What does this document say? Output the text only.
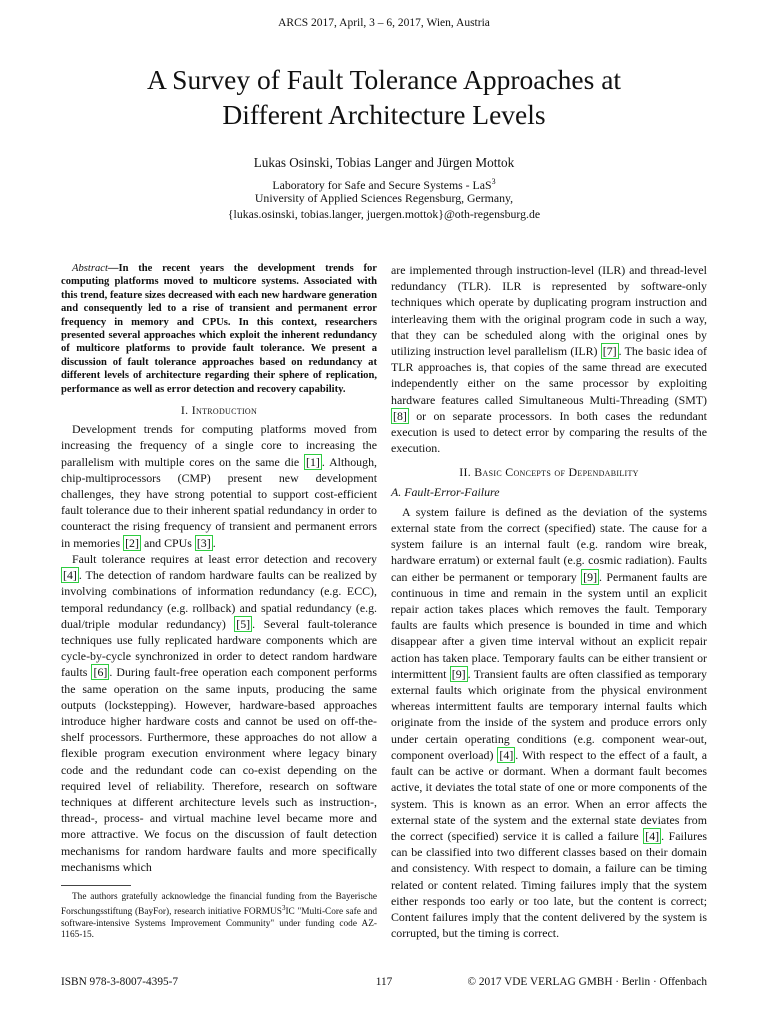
ARCS 2017, April, 3 – 6, 2017, Wien, Austria
A Survey of Fault Tolerance Approaches at
Different Architecture Levels
Lukas Osinski, Tobias Langer and Jürgen Mottok
Laboratory for Safe and Secure Systems - LaS$^3$
University of Applied Sciences Regensburg, Germany,
{lukas.osinski, tobias.langer, juergen.mottok}@oth-regensburg.de

Abstract—In the recent years the development trends for computing platforms moved to multicore systems. Associated with this trend, feature sizes decreased with each new hardware generation and consequently led to a rise of transient and permanent error frequency in memory and CPUs. In this context, researchers presented several approaches which exploit the inherent redundancy of multicore platforms to provide fault tolerance. We present a discussion of fault tolerance approaches based on redundancy at different levels of architecture regarding their sphere of replication, performance as well as error detection and recovery capability.

I. Introduction

Development trends for computing platforms moved from increasing the frequency of a single core to increasing the parallelism with multiple cores on the same die [1] . Although, chip-multiprocessors (CMP) present new development challenges, they have strong potential to support cost-efficient fault tolerance due to their inherent spatial redundancy in order to counteract the rising frequency of transient and permanent errors in memories [2] and CPUs [3] .

Fault tolerance requires at least error detection and recovery [4] . The detection of random hardware faults can be realized by involving combinations of information redundancy (e.g. ECC), temporal redundancy (e.g. rollback) and spatial redundancy (e.g. dual/triple modular redundancy) [5] . Several fault-tolerance techniques use fully replicated hardware components which are cycle-by-cycle synchronized in order to detect random hardware faults [6] . During fault-free operation each component performs the same operation on the same inputs, producing the same outputs (lockstepping). However, hardware-based approaches introduce higher hardware costs and cannot be used on off-the-shelf processors. Furthermore, these approaches do not allow a flexible program execution environment where legacy binary code and the redundant code can co-exist depending on the required level of reliability. Therefore, research on software techniques at different architecture levels such as instruction-, thread-, process- and virtual machine level became more and more attractive. We focus on the discussion of fault detection mechanisms for random hardware faults and more specifically mechanisms which

The authors gratefully acknowledge the financial funding from the Bayerische Forschungsstiftung (BayFor), research initiative FORMUS$^3$IC "Multi-Core safe and software-intensive Systems Improvement Community" under funding code AZ-1165-15.

are implemented through instruction-level (ILR) and thread-level redundancy (TLR). ILR is represented by software-only techniques which operate by duplicating program instruction and interleaving them with the original program code in such a way, that they can be scheduled along with the original ones by utilizing instruction level parallelism (ILR) [7] . The basic idea of TLR approaches is, that copies of the same thread are executed independently either on the same processor by exploiting hardware features called Simultaneous Multi-Threading (SMT) [8] or on separate processors. In both cases the redundant execution is used to detect error by comparing the results of the execution.

II. Basic Concepts of Dependability
A. Fault-Error-Failure

A system failure is defined as the deviation of the systems external state from the correct (specified) state. The cause for a system failure is an internal fault (e.g. random wire break, hardware erratum) or external fault (e.g. cosmic radiation). Faults can either be permanent or temporary [9] . Permanent faults are continuous in time and remain in the system until an explicit repair action takes places which removes the fault. Temporary faults are faults which presence is bounded in time and which disappear after a given time interval without an explicit repair action has taken place. Temporary faults can be either transient or intermittent [9] . Transient faults are often classified as temporary external faults which originate from the physical environment whereas intermittent faults are temporary internal faults which originate from the inside of the system and produce errors only under certain operating conditions (e.g. component wear-out, component overload) [4] . With respect to the effect of a fault, a fault can be active or dormant. When a dormant fault becomes active, it deviates the total state of one or more components of the system. This is known as an error. When an error affects the external state of the system and the external state deviates from the correct (specified) service it is called a failure [4] . Failures can be classified into two different classes based on their domain and consistency. With respect to domain, a failure can be timing related or content related. Timing failures imply that the system either responds too early or too late, but the content is correct; Content failures imply that the content delivered by the system is corrupted, but the timing is correct.

ISBN 978-3-8007-4395-7	117	© 2017 VDE VERLAG GMBH · Berlin · Offenbach
